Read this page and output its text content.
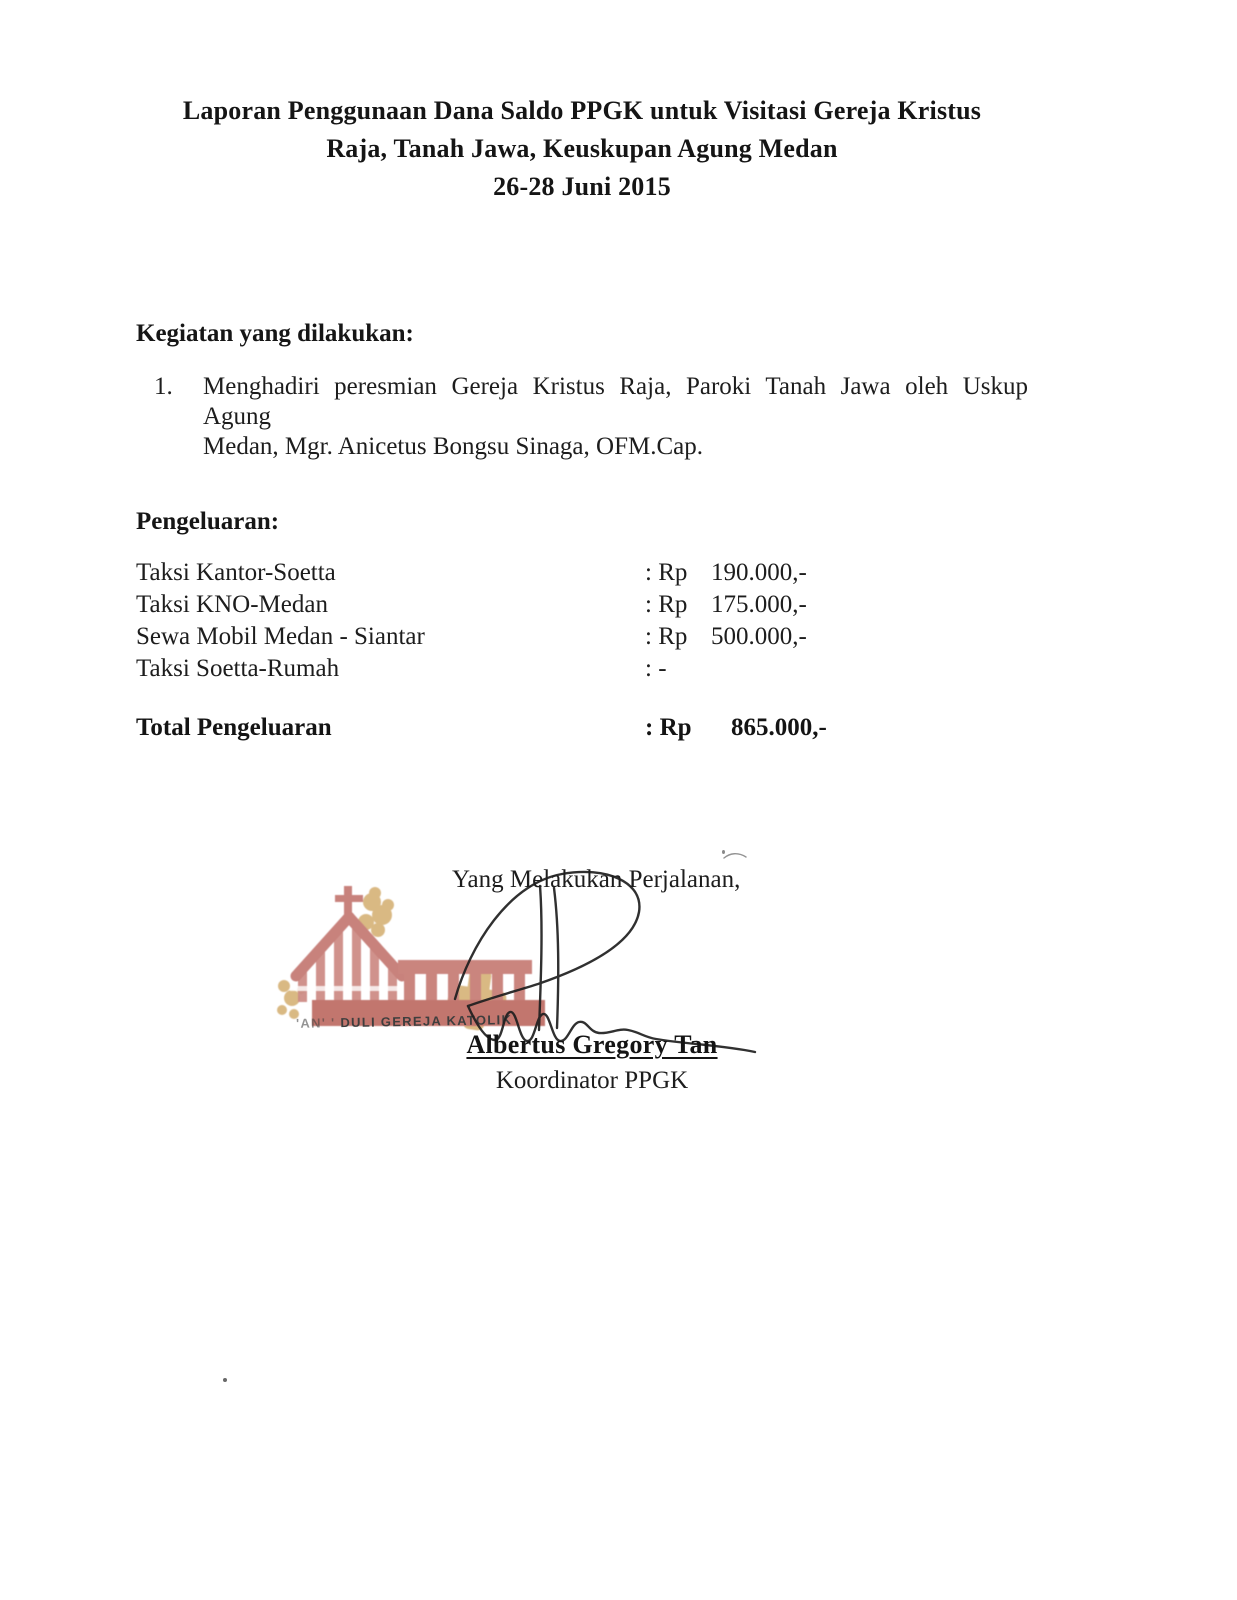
Laporan Penggunaan Dana Saldo PPGK untuk Visitasi Gereja Kristus
Raja, Tanah Jawa, Keuskupan Agung Medan
26-28 Juni 2015
Kegiatan yang dilakukan:
1.	Menghadiri peresmian Gereja Kristus Raja, Paroki Tanah Jawa oleh Uskup Agung
Medan, Mgr. Anicetus Bongsu Sinaga, OFM.Cap.
Pengeluaran:
Taksi Kantor-Soetta	: Rp 190.000,-
Taksi KNO-Medan	: Rp 175.000,-
Sewa Mobil Medan - Siantar	: Rp 500.000,-
Taksi Soetta-Rumah	: -
Total Pengeluaran	: Rp	865.000,-
Yang Melakukan Perjalanan,
'AN' ' DULI GEREJA KATOLIK
Albertus Gregory Tan
Koordinator PPGK
